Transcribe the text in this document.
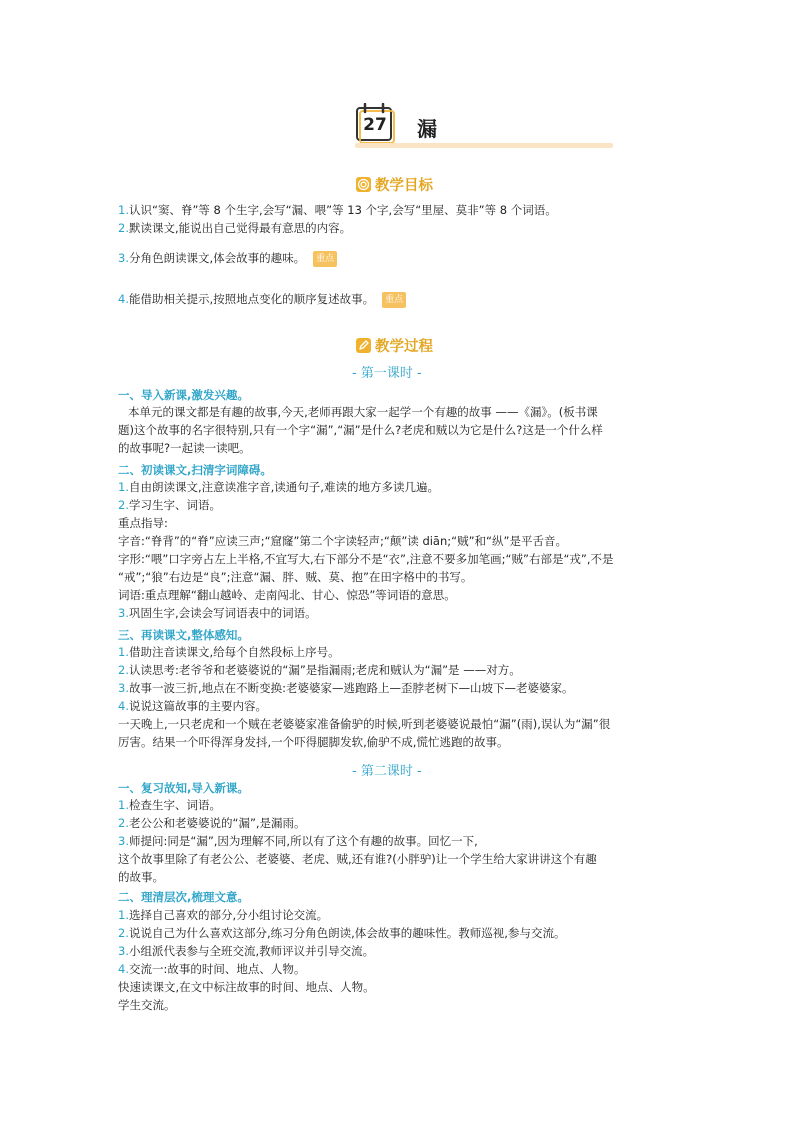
27	漏
教学目标
1.认识“窦、脊”等 8 个生字,会写“漏、喂”等 13 个字,会写“里屋、莫非”等 8 个词语。
2.默读课文,能说出自己觉得最有意思的内容。
3.分角色朗读课文,体会故事的趣味。 重点
4.能借助相关提示,按照地点变化的顺序复述故事。 重点
教学过程
- 第一课时 -
一、导入新课,激发兴趣。
本单元的课文都是有趣的故事,今天,老师再跟大家一起学一个有趣的故事 ——《漏》。(板书课
题)这个故事的名字很特别,只有一个字“漏”,“漏”是什么?老虎和贼以为它是什么?这是一个什么样
的故事呢?一起读一读吧。
二、初读课文,扫清字词障碍。
1.自由朗读课文,注意读准字音,读通句子,难读的地方多读几遍。
2.学习生字、词语。
重点指导:
字音:“脊背”的“脊”应读三声;“窟窿”第二个字读轻声;“颠”读 diān;“贼”和“纵”是平舌音。
字形:“喂”口字旁占左上半格,不宜写大,右下部分不是“衣”,注意不要多加笔画;“贼”右部是“戎”,不是
“戒”;“狼”右边是“良”;注意“漏、胖、贼、莫、抱”在田字格中的书写。
词语:重点理解“翻山越岭、走南闯北、甘心、惊恐”等词语的意思。
3.巩固生字,会读会写词语表中的词语。
三、再读课文,整体感知。
1.借助注音读课文,给每个自然段标上序号。
2.认读思考:老爷爷和老婆婆说的“漏”是指漏雨;老虎和贼认为“漏”是 ——对方。
3.故事一波三折,地点在不断变换:老婆婆家—逃跑路上—歪脖老树下—山坡下—老婆婆家。
4.说说这篇故事的主要内容。
一天晚上,一只老虎和一个贼在老婆婆家准备偷驴的时候,听到老婆婆说最怕“漏”(雨),误认为“漏”很
厉害。结果一个吓得浑身发抖,一个吓得腿脚发软,偷驴不成,慌忙逃跑的故事。
- 第二课时 -
一、复习故知,导入新课。
1.检查生字、词语。
2.老公公和老婆婆说的“漏”,是漏雨。
3.师提问:同是“漏”,因为理解不同,所以有了这个有趣的故事。回忆一下,
这个故事里除了有老公公、老婆婆、老虎、贼,还有谁?(小胖驴)让一个学生给大家讲讲这个有趣
的故事。
二、理清层次,梳理文意。
1.选择自己喜欢的部分,分小组讨论交流。
2.说说自己为什么喜欢这部分,练习分角色朗读,体会故事的趣味性。教师巡视,参与交流。
3.小组派代表参与全班交流,教师评议并引导交流。
4.交流一:故事的时间、地点、人物。
快速读课文,在文中标注故事的时间、地点、人物。
学生交流。
